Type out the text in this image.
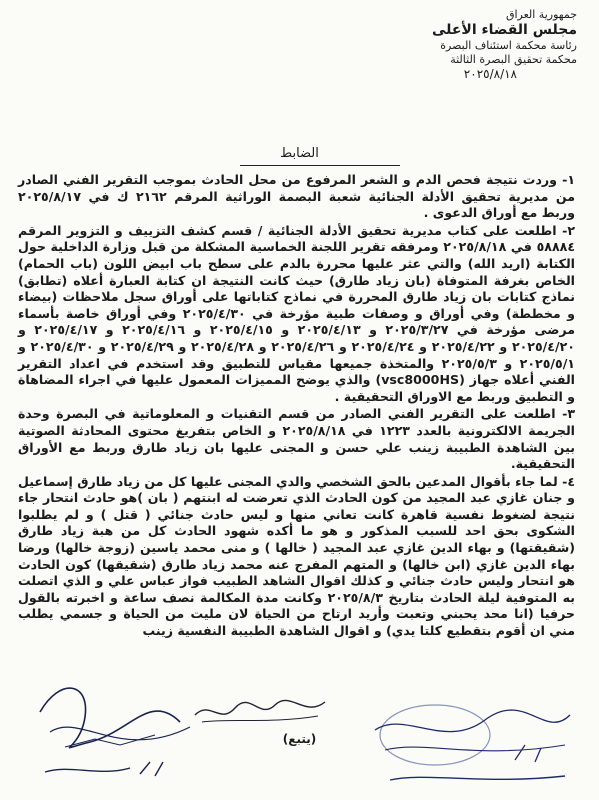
جمهورية العراق
مجلس القضاء الأعلى
رئاسة محكمة استئناف البصرة
محكمة تحقيق البصرة الثالثة
٢٠٢٥/٨/١٨
الضابط

١- وردت نتيجة فحص الدم و الشعر المرفوع من محل الحادث بموجب التقرير الفني الصادر من مديرية تحقيق الأدلة الجنائية شعبة البصمة الوراثية المرقم ٢١٦٢ ك في ٢٠٢٥/٨/١٧ وربط مع أوراق الدعوى .

٢- اطلعت على كتاب مديرية تحقيق الأدلة الجنائية / قسم كشف التزييف و التزوير المرقم ٥٨٨٨٤ في ٢٠٢٥/٨/١٨ ومرفقه تقرير اللجنة الخماسية المشكلة من قبل وزارة الداخلية حول الكتابة (اريد الله) والتي عثر عليها محررة بالدم على سطح باب ابيض اللون (باب الحمام) الخاص بغرفة المتوفاة (بان زياد طارق) حيث كانت النتيجة ان كتابة العبارة أعلاه (تطابق) نماذج كتابات بان زياد طارق المحررة في نماذج كتاباتها على أوراق سجل ملاحظات (بيضاء و مخططة) وفي أوراق و وصفات طبية مؤرخة في ٢٠٢٥/٤/٣٠ وفي أوراق خاصة بأسماء مرضى مؤرخة في ٢٠٢٥/٣/٢٧ و ٢٠٢٥/٤/١٣ و ٢٠٢٥/٤/١٥ و ٢٠٢٥/٤/١٦ و ٢٠٢٥/٤/١٧ و ٢٠٢٥/٤/٢٠ و ٢٠٢٥/٤/٢٢ و ٢٠٢٥/٤/٢٤ و ٢٠٢٥/٤/٢٦ و ٢٠٢٥/٤/٢٨ و ٢٠٢٥/٤/٢٩ و ٢٠٢٥/٤/٣٠ و ٢٠٢٥/٥/١ و ٢٠٢٥/٥/٣ والمتخذة جميعها مقياس للتطبيق وقد استخدم في اعداد التقرير الفني أعلاه جهاز (vsc8000HS) والذي يوضح المميزات المعمول عليها في اجراء المضاهاة و التطبيق وربط مع الاوراق التحقيقية .

٣- اطلعت على التقرير الفني الصادر من قسم التقنيات و المعلوماتية في البصرة وحدة الجريمة الالكترونية بالعدد ١٢٢٣ في ٢٠٢٥/٨/١٨ و الخاص بتفريغ محتوى المحادثة الصوتية بين الشاهدة الطبيبة زينب علي حسن و المجنى عليها بان زياد طارق وربط مع الأوراق التحقيقية.

٤- لما جاء بأقوال المدعين بالحق الشخصي والدي المجنى عليها كل من زياد طارق إسماعيل و جنان غازي عبد المجيد من كون الحادث الذي تعرضت له ابنتهم ( بان )هو حادث انتحار جاء نتيجة لضغوط نفسية قاهرة كانت تعاني منها و ليس حادث جنائي ( قتل ) و لم يطلبوا الشكوى بحق احد للسبب المذكور و هو ما أكده شهود الحادث كل من هبة زياد طارق (شقيقتها) و بهاء الدين غازي عبد المجيد ( خالها ) و منى محمد ياسين (زوجة خالها) ورضا بهاء الدين غازي (ابن خالها) و المتهم المفرج عنه محمد زياد طارق (شقيقها) كون الحادث هو انتحار وليس حادث جنائي و كذلك اقوال الشاهد الطبيب فواز عباس علي و الذي اتصلت به المتوفية ليلة الحادث بتاريخ ٢٠٢٥/٨/٣ وكانت مدة المكالمة نصف ساعة و اخبرته بالقول حرفيا (انا محد يحبني وتعبت وأريد ارتاح من الحياة لان مليت من الحياة و جسمي يطلب مني ان أقوم بتقطيع كلتا يدي) و اقوال الشاهدة الطبيبة النفسية زينب

(يتبع)
